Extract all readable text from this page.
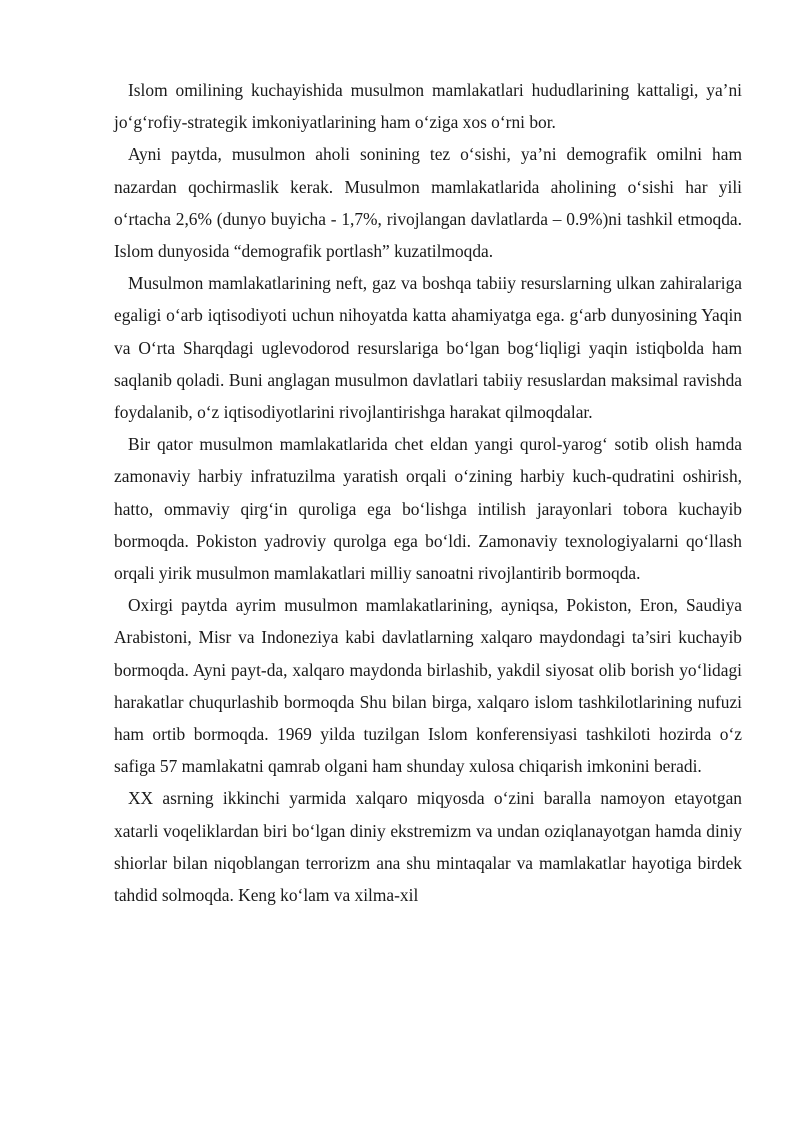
Islom omilining kuchayishida musulmon mamlakatlari hududlarining kattaligi, ya’ni jo‘g‘rofiy-strategik imkoniyatlarining ham o‘ziga xos o‘rni bor.

Ayni paytda, musulmon aholi sonining tez o‘sishi, ya’ni demografik omilni ham nazardan qochirmaslik kerak. Musulmon mamlakatlarida aholining o‘sishi har yili o‘rtacha 2,6% (dunyo buyicha - 1,7%, rivojlangan davlatlarda – 0.9%)ni tashkil etmoqda. Islom dunyosida “demografik portlash” kuzatilmoqda.

Musulmon mamlakatlarining neft, gaz va boshqa tabiiy resurslarning ulkan zahiralariga egaligi o‘arb iqtisodiyoti uchun nihoyatda katta ahamiyatga ega. g‘arb dunyosining Yaqin va O‘rta Sharqdagi uglevodorod resurslariga bo‘lgan bog‘liqligi yaqin istiqbolda ham saqlanib qoladi. Buni anglagan musulmon davlatlari tabiiy resuslardan maksimal ravishda foydalanib, o‘z iqtisodiyotlarini rivojlantirishga harakat qilmoqdalar.

Bir qator musulmon mamlakatlarida chet eldan yangi qurol-yarog‘ sotib olish hamda zamonaviy harbiy infratuzilma yaratish orqali o‘zining harbiy kuch-qudratini oshirish, hatto, ommaviy qirg‘in quroliga ega bo‘lishga intilish jarayonlari tobora kuchayib bormoqda. Pokiston yadroviy qurolga ega bo‘ldi. Zamonaviy texnologiyalarni qo‘llash orqali yirik musulmon mamlakatlari milliy sanoatni rivojlantirib bormoqda.

Oxirgi paytda ayrim musulmon mamlakatlarining, ayniqsa, Pokiston, Eron, Saudiya Arabistoni, Misr va Indoneziya kabi davlatlarning xalqaro maydondagi ta’siri kuchayib bormoqda. Ayni payt-da, xalqaro maydonda birlashib, yakdil siyosat olib borish yo‘lidagi harakatlar chuqurlashib bormoqda Shu bilan birga, xalqaro islom tashkilotlarining nufuzi ham ortib bormoqda. 1969 yilda tuzilgan Islom konferensiyasi tashkiloti hozirda o‘z safiga 57 mamlakatni qamrab olgani ham shunday xulosa chiqarish imkonini beradi.

XX asrning ikkinchi yarmida xalqaro miqyosda o‘zini baralla namoyon etayotgan xatarli voqeliklardan biri bo‘lgan diniy ekstremizm va undan oziqlanayotgan hamda diniy shiorlar bilan niqoblangan terrorizm ana shu mintaqalar va mamlakatlar hayotiga birdek tahdid solmoqda. Keng ko‘lam va xilma-xil
